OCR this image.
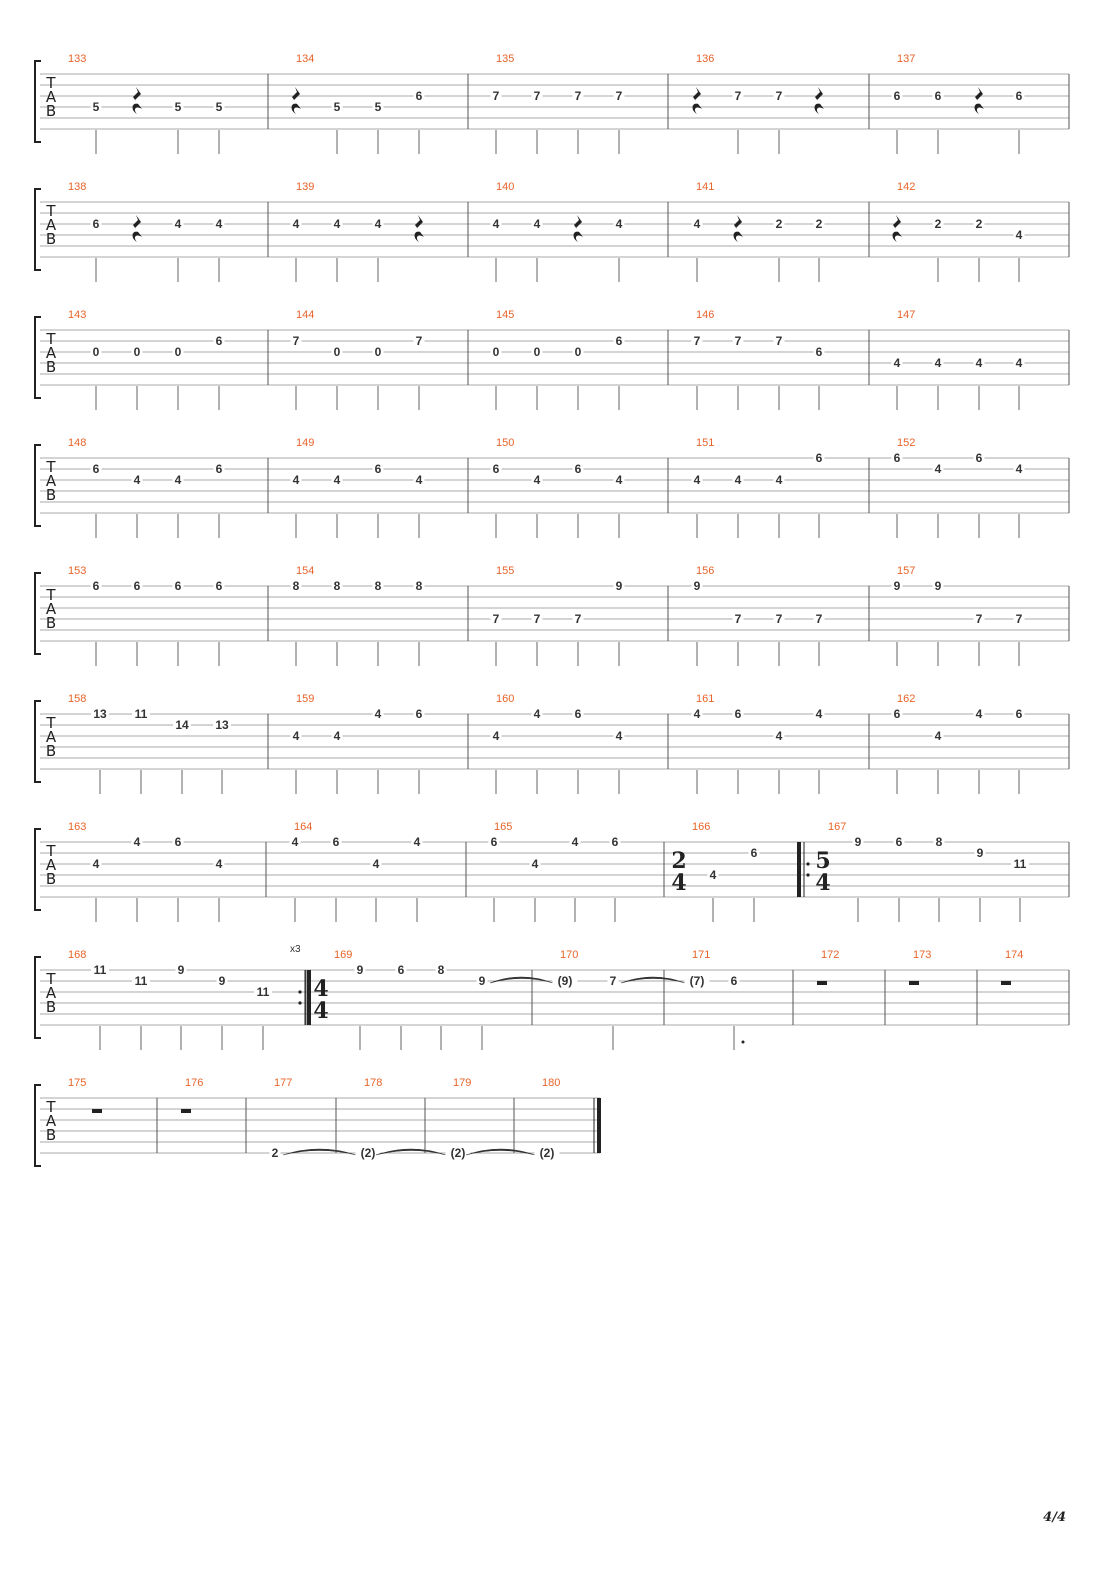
T
A
B
133
5	5	5
134
5	5
6
135
7	7	7	7
136
7	7
137
6	6	6
T
A
B
138
6	4	4
139
4	4	4
140
4	4	4
141
4	2	2
142
2	2
4
T
A
B
143
0	0	0
6
144
7
0	0
7
145
0	0	0
6
146
7	7	7
6
147
4	4	4	4
T
A
B
148
6
4	4
6
149
4	4
6
4
150
6
4
6
4
151
4	4	4
6
152
6
4
6
4
T
A
B
153
6	6	6	6
154
8	8	8	8
155
7	7	7
9
156
9
7	7	7
157
9	9
7	7
T
A
B
158
13 11
14 13
159
4	4
4	6
160
4
4	6
4
161
4	6
4
4
162
6
4
4	6
T
A
B
163
4
4	6
4
164
4	6
4
4
165
6
4
4	6
166
2
4 4
6
167
5
4
9	6	8
9
11
T
A
B
168	x3
11
11
9
9
11
169
4
4
9	6	8
9
170
(9)	7
171
(7) 6
172	173	174
T
A
B
175	176	177
2
178
(2)
179
(2)
180
(2)
4/4
